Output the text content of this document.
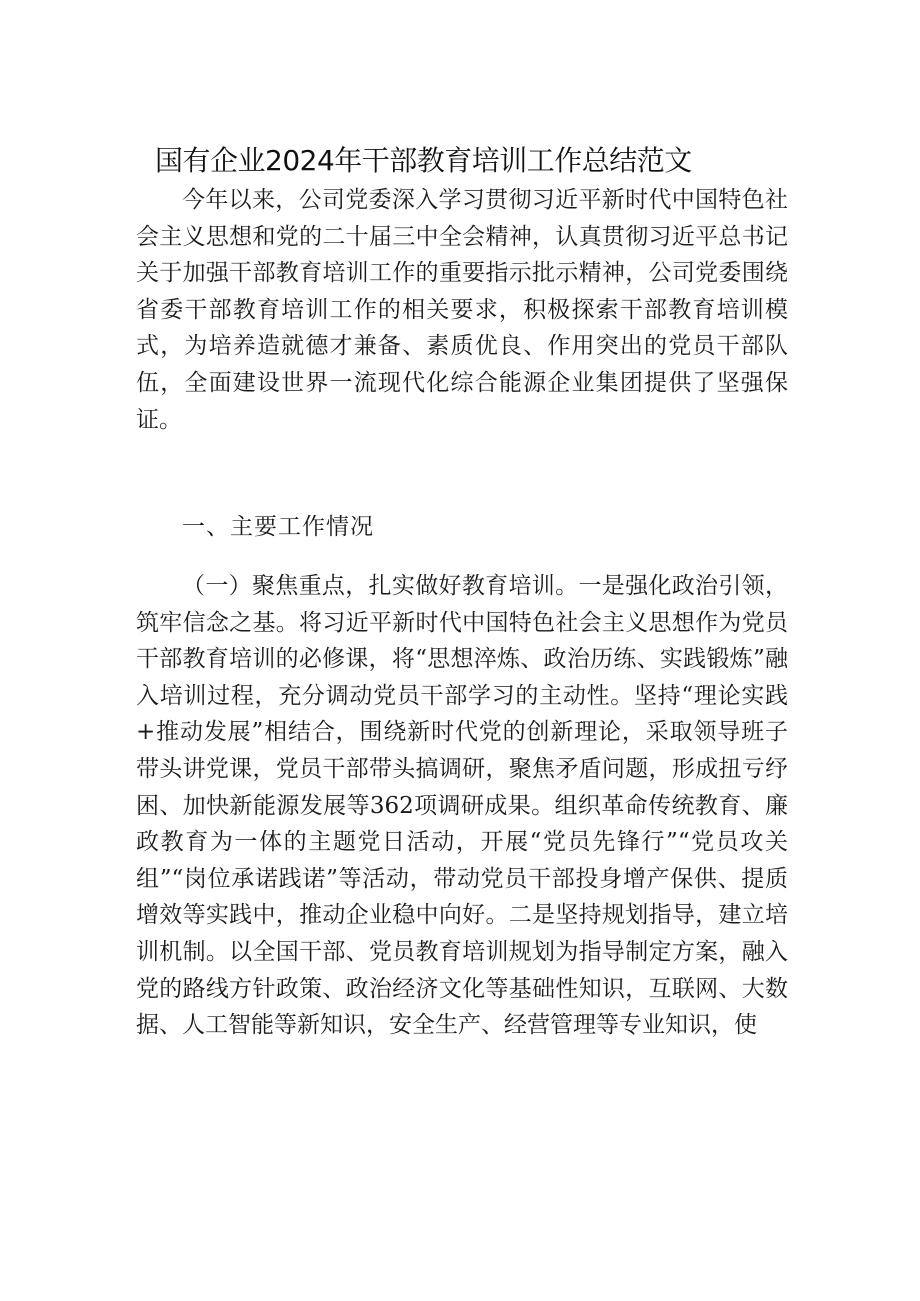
国有企业2024年干部教育培训工作总结范文

今年以来，公司党委深入学习贯彻习近平新时代中国特色社会主义思想和党的二十届三中全会精神，认真贯彻习近平总书记关于加强干部教育培训工作的重要指示批示精神，公司党委围绕省委干部教育培训工作的相关要求，积极探索干部教育培训模式，为培养造就德才兼备、素质优良、作用突出的党员干部队伍，全面建设世界一流现代化综合能源企业集团提供了坚强保证。

一、主要工作情况

（一）聚焦重点，扎实做好教育培训。一是强化政治引领，筑牢信念之基。将习近平新时代中国特色社会主义思想作为党员干部教育培训的必修课，将“思想淬炼、政治历练、实践锻炼”融入培训过程，充分调动党员干部学习的主动性。坚持“理论实践+推动发展”相结合，围绕新时代党的创新理论，采取领导班子带头讲党课，党员干部带头搞调研，聚焦矛盾问题，形成扭亏纾困、加快新能源发展等362项调研成果。组织革命传统教育、廉政教育为一体的主题党日活动，开展“党员先锋行”“党员攻关组”“岗位承诺践诺”等活动，带动党员干部投身增产保供、提质增效等实践中，推动企业稳中向好。二是坚持规划指导，建立培训机制。以全国干部、党员教育培训规划为指导制定方案，融入党的路线方针政策、政治经济文化等基础性知识，互联网、大数据、人工智能等新知识，安全生产、经营管理等专业知识，使
